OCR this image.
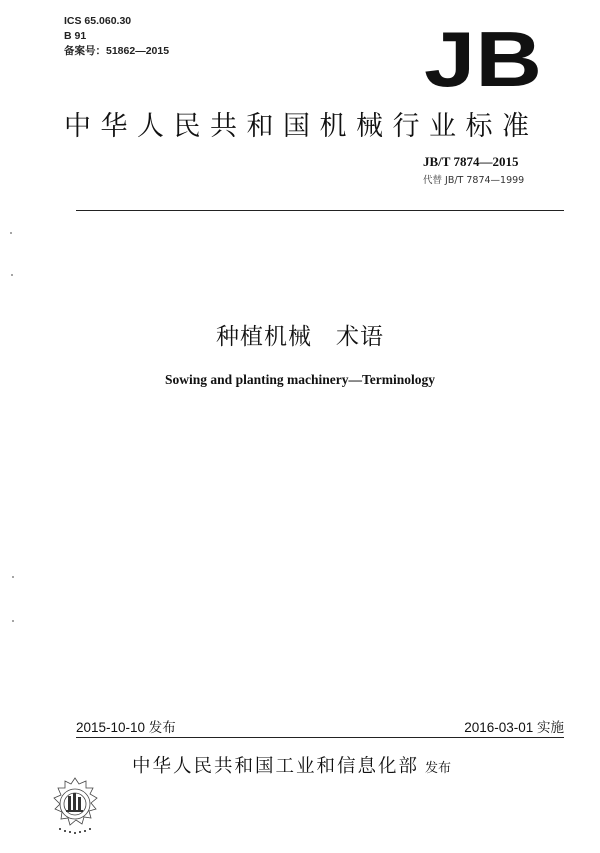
ICS 65.060.30
B 91
备案号：51862—2015	JB
中华人民共和国机械行业标准
JB/T 7874—2015
代替 JB/T 7874—1999
种植机械　术语
Sowing and planting machinery—Terminology
2015-10-10 发布	2016-03-01 实施
中华人民共和国工业和信息化部 发布
